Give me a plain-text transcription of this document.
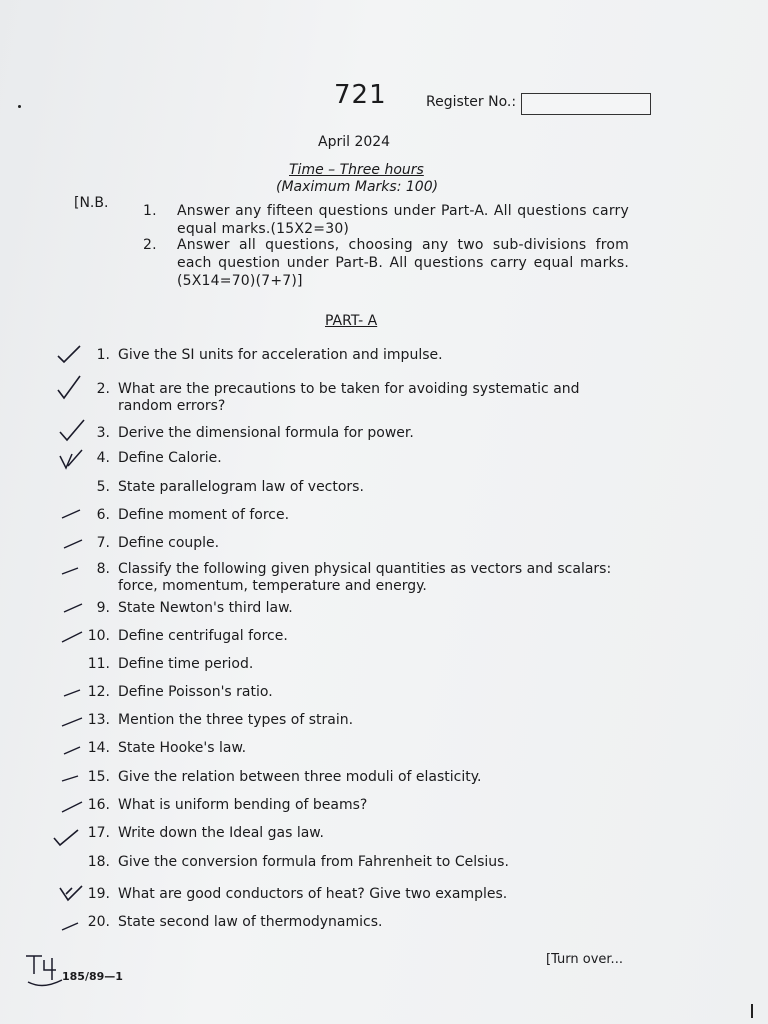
721	Register No.:
April 2024
Time – Three hours
(Maximum Marks: 100)
[N.B. 1. Answer any fifteen questions under Part-A. All questions carry equal marks.(15X2=30)
2. Answer all questions, choosing any two sub-divisions from each question under Part-B. All questions carry equal marks.(5X14=70)(7+7)]
PART- A
1. Give the SI units for acceleration and impulse.
2. What are the precautions to be taken for avoiding systematic and random errors?
3. Derive the dimensional formula for power.
4. Define Calorie.
5. State parallelogram law of vectors.
6. Define moment of force.
7. Define couple.
8. Classify the following given physical quantities as vectors and scalars: force, momentum, temperature and energy.
9. State Newton's third law.
10. Define centrifugal force.
11. Define time period.
12. Define Poisson's ratio.
13. Mention the three types of strain.
14. State Hooke's law.
15. Give the relation between three moduli of elasticity.
16. What is uniform bending of beams?
17. Write down the Ideal gas law.
18. Give the conversion formula from Fahrenheit to Celsius.
19. What are good conductors of heat? Give two examples.
20. State second law of thermodynamics.
185/89—1
[Turn over...
